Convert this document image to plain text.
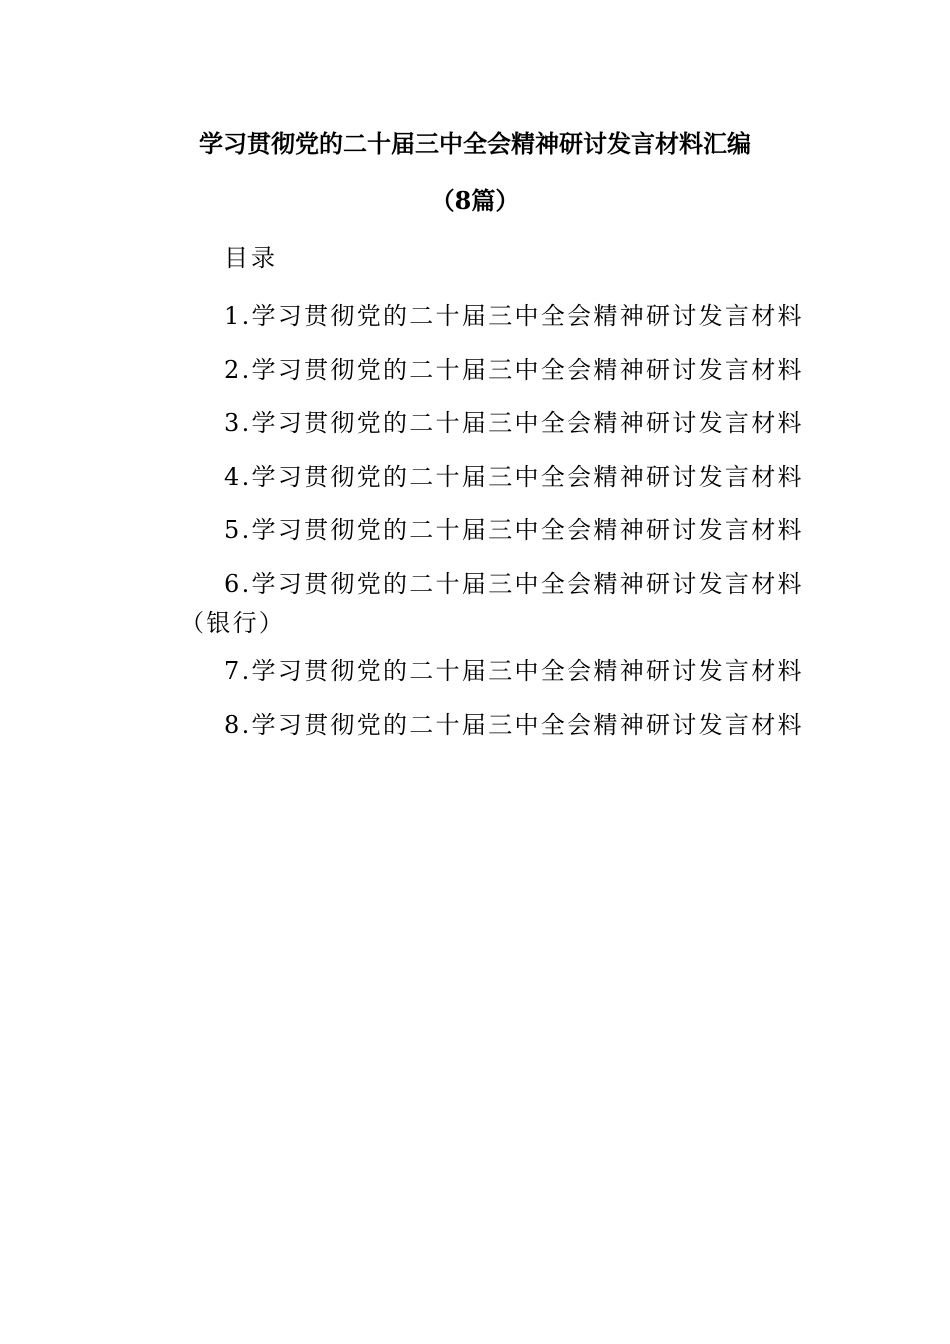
学习贯彻党的二十届三中全会精神研讨发言材料汇编
（8篇）
目录
1.学习贯彻党的二十届三中全会精神研讨发言材料
2.学习贯彻党的二十届三中全会精神研讨发言材料
3.学习贯彻党的二十届三中全会精神研讨发言材料
4.学习贯彻党的二十届三中全会精神研讨发言材料
5.学习贯彻党的二十届三中全会精神研讨发言材料
6.学习贯彻党的二十届三中全会精神研讨发言材料
（银行）
7.学习贯彻党的二十届三中全会精神研讨发言材料
8.学习贯彻党的二十届三中全会精神研讨发言材料
